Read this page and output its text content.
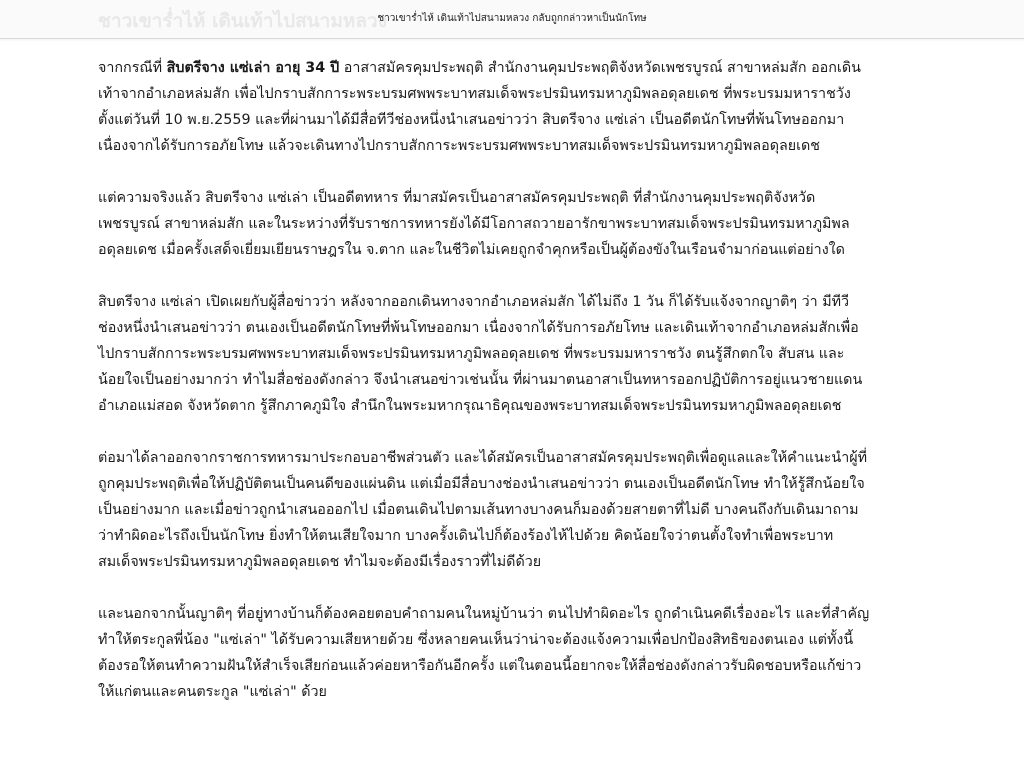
ชาวเขาร่ำไห้ เดินเท้าไปสนามหลวง
ชาวเขาร่ำไห้ เดินเท้าไปสนามหลวง กลับถูกกล่าวหาเป็นนักโทษ

จากกรณีที่ สิบตรีจาง แซ่เล่า อายุ 34 ปี อาสาสมัครคุมประพฤติ สำนักงานคุมประพฤติจังหวัดเพชรบูรณ์ สาขาหล่มสัก ออกเดินเท้าจากอำเภอหล่มสัก เพื่อไปกราบสักการะพระบรมศพพระบาทสมเด็จพระปรมินทรมหาภูมิพลอดุลยเดช ที่พระบรมมหาราชวัง ตั้งแต่วันที่ 10 พ.ย.2559 และที่ผ่านมาได้มีสื่อทีวีช่องหนึ่งนำเสนอข่าวว่า สิบตรีจาง แซ่เล่า เป็นอดีตนักโทษที่พ้นโทษออกมา เนื่องจากได้รับการอภัยโทษ แล้วจะเดินทางไปกราบสักการะพระบรมศพพระบาทสมเด็จพระปรมินทรมหาภูมิพลอดุลยเดช

แต่ความจริงแล้ว สิบตรีจาง แซ่เล่า เป็นอดีตทหาร ที่มาสมัครเป็นอาสาสมัครคุมประพฤติ ที่สำนักงานคุมประพฤติจังหวัดเพชรบูรณ์ สาขาหล่มสัก และในระหว่างที่รับราชการทหารยังได้มีโอกาสถวายอารักขาพระบาทสมเด็จพระปรมินทรมหาภูมิพลอดุลยเดช เมื่อครั้งเสด็จเยี่ยมเยียนราษฎรใน จ.ตาก และในชีวิตไม่เคยถูกจำคุกหรือเป็นผู้ต้องขังในเรือนจำมาก่อนแต่อย่างใด

สิบตรีจาง แซ่เล่า เปิดเผยกับผู้สื่อข่าวว่า หลังจากออกเดินทางจากอำเภอหล่มสัก ได้ไม่ถึง 1 วัน ก็ได้รับแจ้งจากญาติๆ ว่า มีทีวีช่องหนึ่งนำเสนอข่าวว่า ตนเองเป็นอดีตนักโทษที่พ้นโทษออกมา เนื่องจากได้รับการอภัยโทษ และเดินเท้าจากอำเภอหล่มสักเพื่อไปกราบสักการะพระบรมศพพระบาทสมเด็จพระปรมินทรมหาภูมิพลอดุลยเดช ที่พระบรมมหาราชวัง ตนรู้สึกตกใจ สับสน และน้อยใจเป็นอย่างมากว่า ทำไมสื่อช่องดังกล่าว จึงนำเสนอข่าวเช่นนั้น ที่ผ่านมาตนอาสาเป็นทหารออกปฏิบัติการอยู่แนวชายแดน อำเภอแม่สอด จังหวัดตาก รู้สึกภาคภูมิใจ สำนึกในพระมหากรุณาธิคุณของพระบาทสมเด็จพระปรมินทรมหาภูมิพลอดุลยเดช

ต่อมาได้ลาออกจากราชการทหารมาประกอบอาชีพส่วนตัว และได้สมัครเป็นอาสาสมัครคุมประพฤติเพื่อดูแลและให้คำแนะนำผู้ที่ถูกคุมประพฤติเพื่อให้ปฏิบัติตนเป็นคนดีของแผ่นดิน แต่เมื่อมีสื่อบางช่องนำเสนอข่าวว่า ตนเองเป็นอดีตนักโทษ ทำให้รู้สึกน้อยใจเป็นอย่างมาก และเมื่อข่าวถูกนำเสนอออกไป เมื่อตนเดินไปตามเส้นทางบางคนก็มองด้วยสายตาที่ไม่ดี บางคนถึงกับเดินมาถามว่าทำผิดอะไรถึงเป็นนักโทษ ยิ่งทำให้ตนเสียใจมาก บางครั้งเดินไปก็ต้องร้องไห้ไปด้วย คิดน้อยใจว่าตนตั้งใจทำเพื่อพระบาทสมเด็จพระปรมินทรมหาภูมิพลอดุลยเดช ทำไมจะต้องมีเรื่องราวที่ไม่ดีด้วย

และนอกจากนั้นญาติๆ ที่อยู่ทางบ้านก็ต้องคอยตอบคำถามคนในหมู่บ้านว่า ตนไปทำผิดอะไร ถูกดำเนินคดีเรื่องอะไร และที่สำคัญทำให้ตระกูลพี่น้อง "แซ่เล่า" ได้รับความเสียหายด้วย ซึ่งหลายคนเห็นว่าน่าจะต้องแจ้งความเพื่อปกป้องสิทธิของตนเอง แต่ทั้งนี้ต้องรอให้ตนทำความฝันให้สำเร็จเสียก่อนแล้วค่อยหารือกันอีกครั้ง แต่ในตอนนี้อยากจะให้สื่อช่องดังกล่าวรับผิดชอบหรือแก้ข่าวให้แก่ตนและคนตระกูล "แซ่เล่า" ด้วย
